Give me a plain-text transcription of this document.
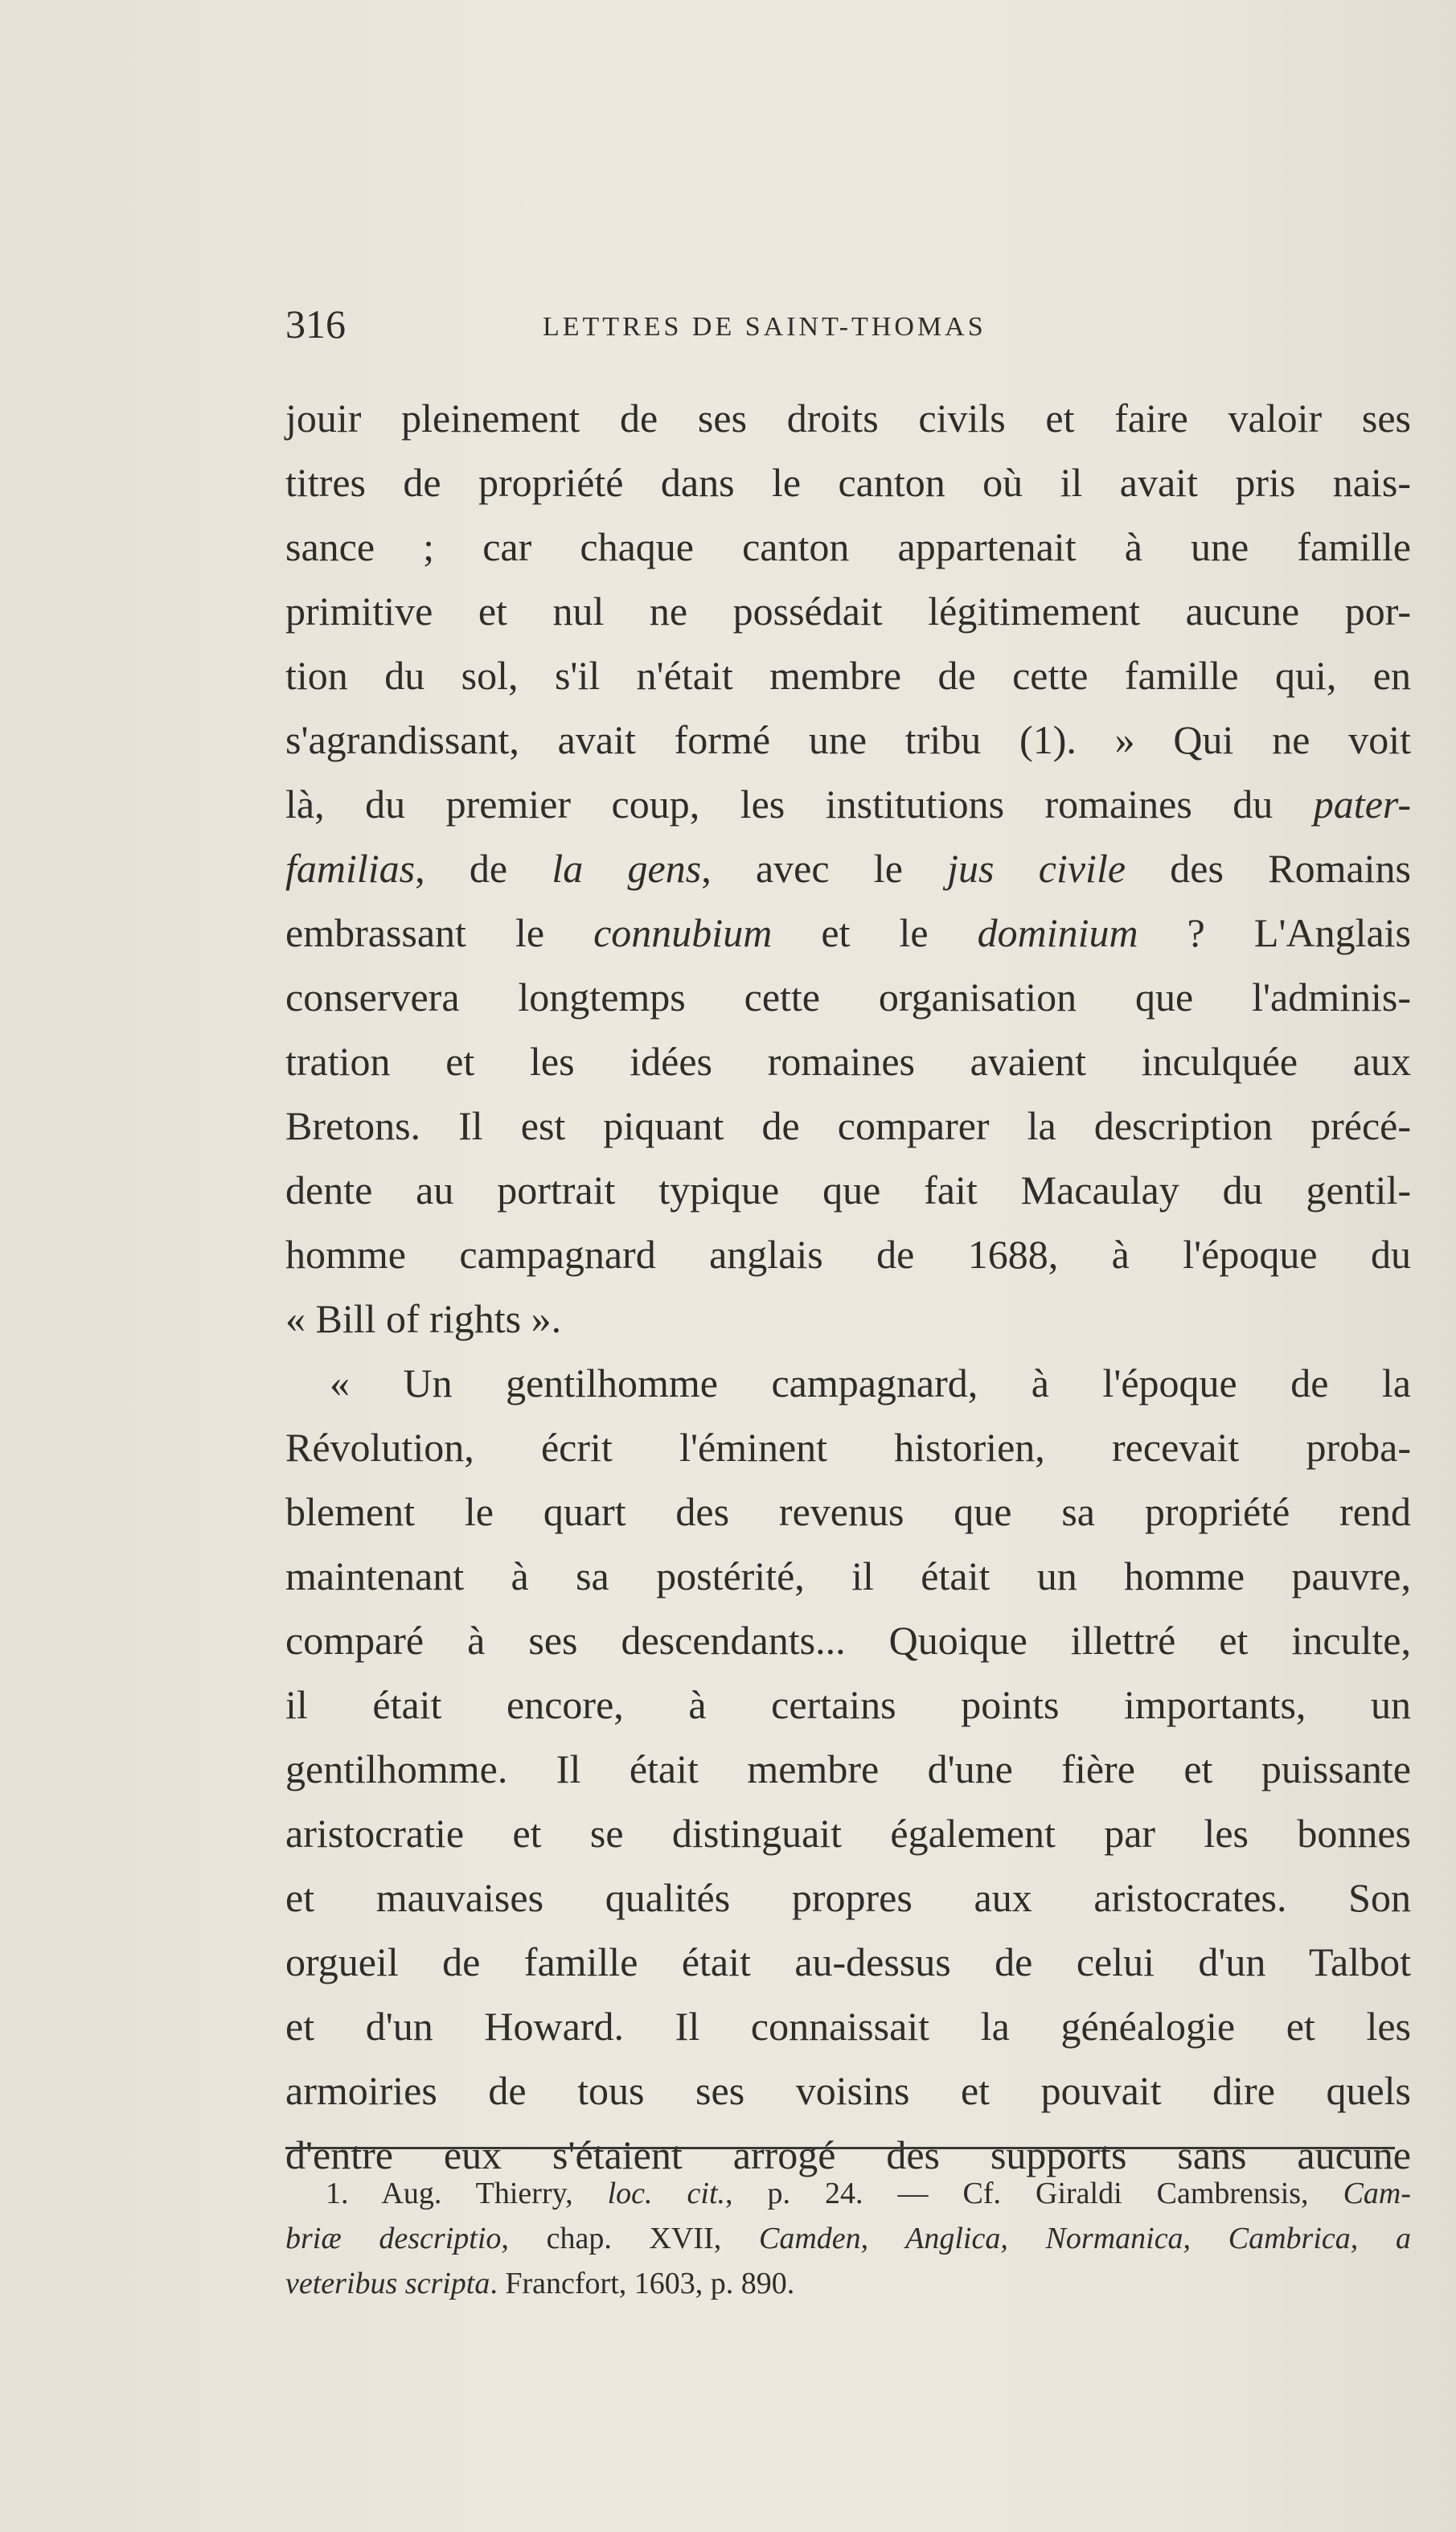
316	LETTRES DE SAINT-THOMAS
jouir pleinement de ses droits civils et faire valoir ses
titres de propriété dans le canton où il avait pris nais-
sance ; car chaque canton appartenait à une famille
primitive et nul ne possédait légitimement aucune por-
tion du sol, s'il n'était membre de cette famille qui, en
s'agrandissant, avait formé une tribu (1). » Qui ne voit
là, du premier coup, les institutions romaines du pater-
familias, de la gens, avec le jus civile des Romains
embrassant le connubium et le dominium ? L'Anglais
conservera longtemps cette organisation que l'adminis-
tration et les idées romaines avaient inculquée aux
Bretons. Il est piquant de comparer la description précé-
dente au portrait typique que fait Macaulay du gentil-
homme campagnard anglais de 1688, à l'époque du
« Bill of rights ».
« Un gentilhomme campagnard, à l'époque de la
Révolution, écrit l'éminent historien, recevait proba-
blement le quart des revenus que sa propriété rend
maintenant à sa postérité, il était un homme pauvre,
comparé à ses descendants... Quoique illettré et inculte,
il était encore, à certains points importants, un
gentilhomme. Il était membre d'une fière et puissante
aristocratie et se distinguait également par les bonnes
et mauvaises qualités propres aux aristocrates. Son
orgueil de famille était au-dessus de celui d'un Talbot
et d'un Howard. Il connaissait la généalogie et les
armoiries de tous ses voisins et pouvait dire quels
d'entre eux s'étaient arrogé des supports sans aucune
1. Aug. Thierry, loc. cit., p. 24. — Cf. Giraldi Cambrensis, Cam-
briæ descriptio, chap. XVII, Camden, Anglica, Normanica, Cambrica, a
veteribus scripta. Francfort, 1603, p. 890.
